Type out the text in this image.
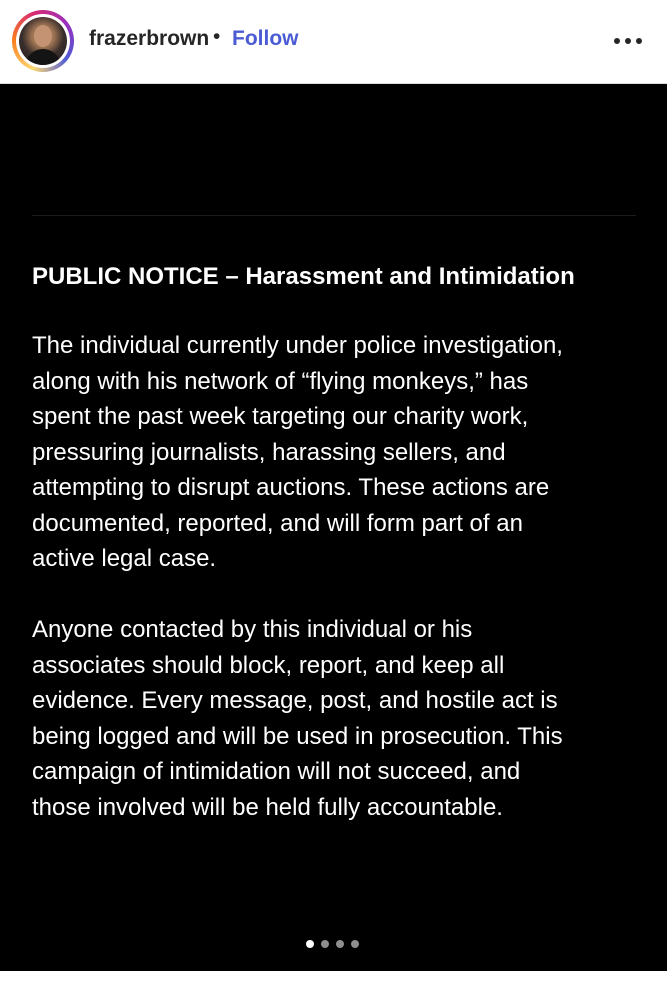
frazerbrown • Follow
PUBLIC NOTICE – Harassment and Intimidation

The individual currently under police investigation,
along with his network of “flying monkeys,” has
spent the past week targeting our charity work,
pressuring journalists, harassing sellers, and
attempting to disrupt auctions. These actions are
documented, reported, and will form part of an
active legal case.

Anyone contacted by this individual or his
associates should block, report, and keep all
evidence. Every message, post, and hostile act is
being logged and will be used in prosecution. This
campaign of intimidation will not succeed, and
those involved will be held fully accountable.
